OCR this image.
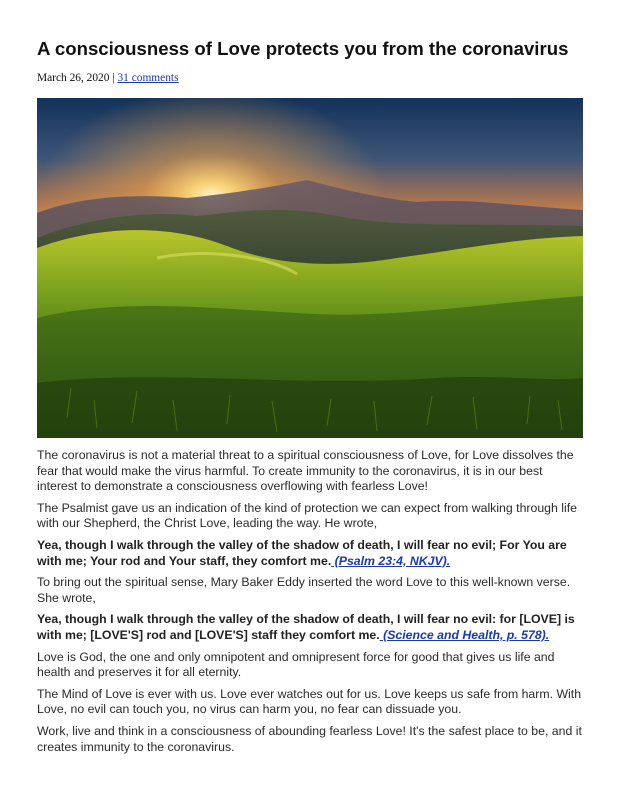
A consciousness of Love protects you from the coronavirus
March 26, 2020 | 31 comments

The coronavirus is not a material threat to a spiritual consciousness of Love, for Love dissolves the fear that would make the virus harmful. To create immunity to the coronavirus, it is in our best interest to demonstrate a consciousness overflowing with fearless Love!

The Psalmist gave us an indication of the kind of protection we can expect from walking through life with our Shepherd, the Christ Love, leading the way. He wrote,

Yea, though I walk through the valley of the shadow of death, I will fear no evil; For You are with me; Your rod and Your staff, they comfort me. (Psalm 23:4, NKJV).

To bring out the spiritual sense, Mary Baker Eddy inserted the word Love to this well-known verse. She wrote,

Yea, though I walk through the valley of the shadow of death, I will fear no evil: for [LOVE] is with me; [LOVE'S] rod and [LOVE'S] staff they comfort me. (Science and Health, p. 578).

Love is God, the one and only omnipotent and omnipresent force for good that gives us life and health and preserves it for all eternity.

The Mind of Love is ever with us. Love ever watches out for us. Love keeps us safe from harm. With Love, no evil can touch you, no virus can harm you, no fear can dissuade you.

Work, live and think in a consciousness of abounding fearless Love! It's the safest place to be, and it creates immunity to the coronavirus.
